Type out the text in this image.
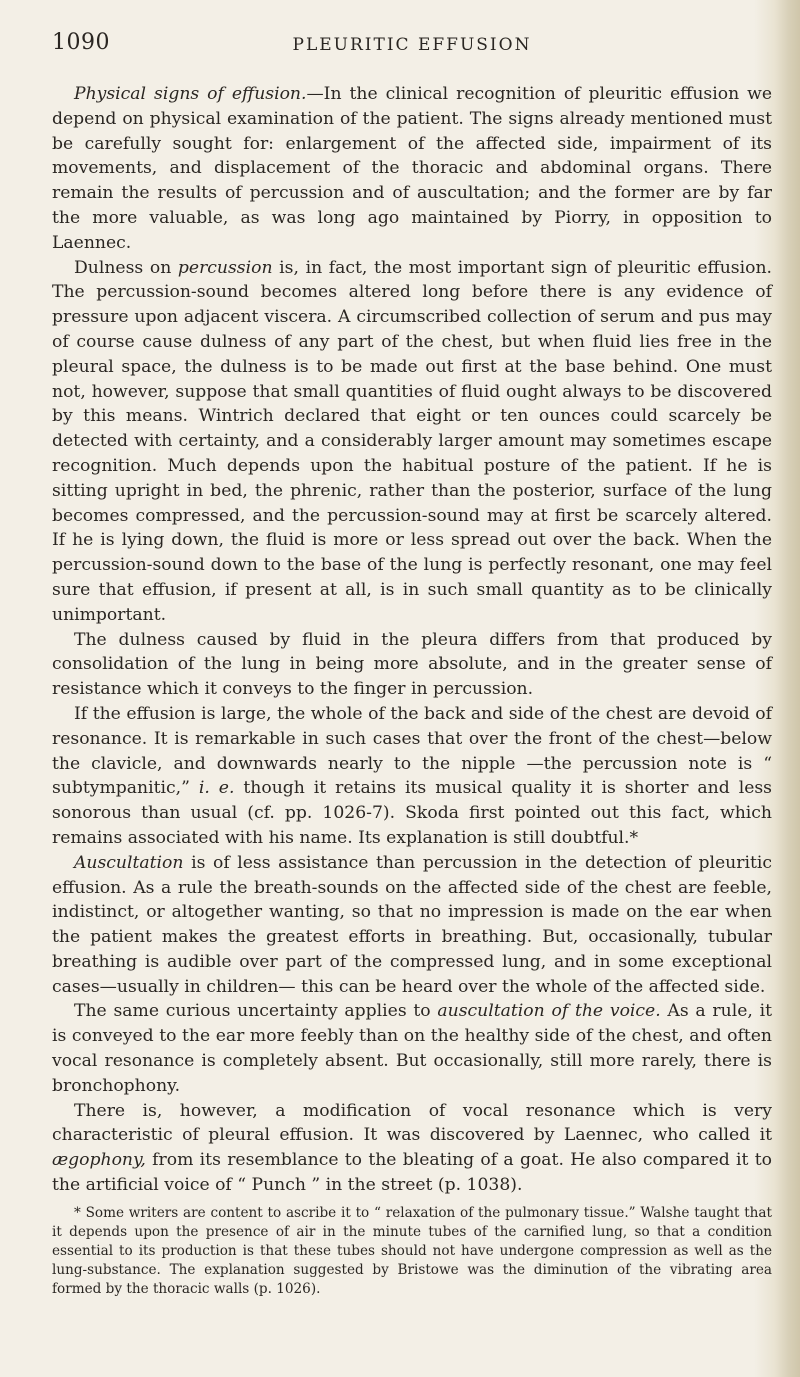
1090	PLEURITIC EFFUSION

Physical signs of effusion.—In the clinical recognition of pleuritic effusion we depend on physical examination of the patient. The signs already mentioned must be carefully sought for: enlargement of the affected side, impairment of its movements, and displacement of the thoracic and abdominal organs. There remain the results of percussion and of auscultation; and the former are by far the more valuable, as was long ago maintained by Piorry, in opposition to Laennec.

Dulness on percussion is, in fact, the most important sign of pleuritic effusion. The percussion-sound becomes altered long before there is any evidence of pressure upon adjacent viscera. A circumscribed collection of serum and pus may of course cause dulness of any part of the chest, but when fluid lies free in the pleural space, the dulness is to be made out first at the base behind. One must not, however, suppose that small quantities of fluid ought always to be discovered by this means. Wintrich declared that eight or ten ounces could scarcely be detected with certainty, and a considerably larger amount may sometimes escape recognition. Much depends upon the habitual posture of the patient. If he is sitting upright in bed, the phrenic, rather than the posterior, surface of the lung becomes compressed, and the percussion-sound may at first be scarcely altered. If he is lying down, the fluid is more or less spread out over the back. When the percussion-sound down to the base of the lung is perfectly resonant, one may feel sure that effusion, if present at all, is in such small quantity as to be clinically unimportant.

The dulness caused by fluid in the pleura differs from that produced by consolidation of the lung in being more absolute, and in the greater sense of resistance which it conveys to the finger in percussion.

If the effusion is large, the whole of the back and side of the chest are devoid of resonance. It is remarkable in such cases that over the front of the chest—below the clavicle, and downwards nearly to the nipple —the percussion note is “ subtympanitic,” i. e. though it retains its musical quality it is shorter and less sonorous than usual (cf. pp. 1026-7). Skoda first pointed out this fact, which remains associated with his name. Its explanation is still doubtful.*

Auscultation is of less assistance than percussion in the detection of pleuritic effusion. As a rule the breath-sounds on the affected side of the chest are feeble, indistinct, or altogether wanting, so that no impression is made on the ear when the patient makes the greatest efforts in breathing. But, occasionally, tubular breathing is audible over part of the compressed lung, and in some exceptional cases—usually in children— this can be heard over the whole of the affected side.

The same curious uncertainty applies to auscultation of the voice. As a rule, it is conveyed to the ear more feebly than on the healthy side of the chest, and often vocal resonance is completely absent. But occasionally, still more rarely, there is bronchophony.

There is, however, a modification of vocal resonance which is very characteristic of pleural effusion. It was discovered by Laennec, who called it ægophony, from its resemblance to the bleating of a goat. He also compared it to the artificial voice of “ Punch ” in the street (p. 1038).

* Some writers are content to ascribe it to “ relaxation of the pulmonary tissue.” Walshe taught that it depends upon the presence of air in the minute tubes of the carnified lung, so that a condition essential to its production is that these tubes should not have undergone compression as well as the lung-substance. The explanation suggested by Bristowe was the diminution of the vibrating area formed by the thoracic walls (p. 1026).
